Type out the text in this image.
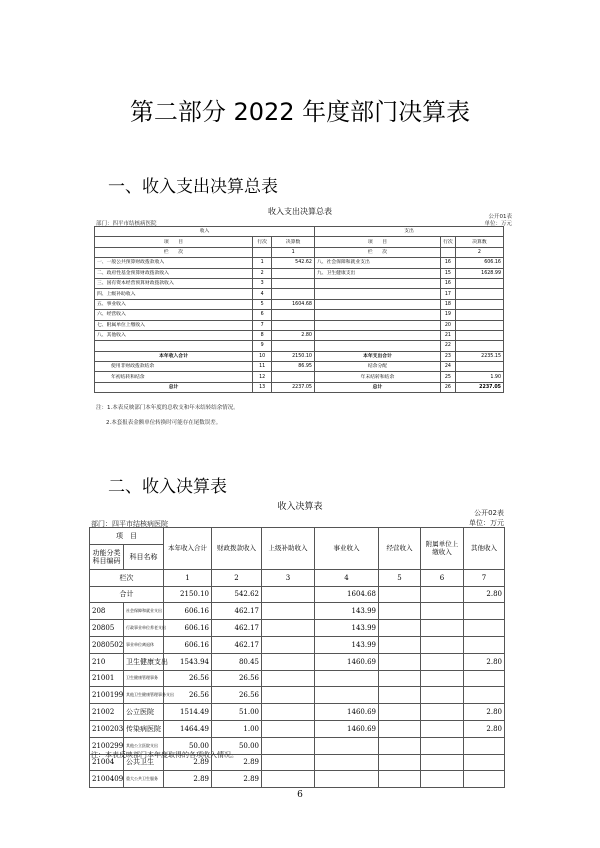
第二部分 2022 年度部门决算表
一、收入支出决算总表
收入支出决算总表
公开01表
单位：万元
部门：四平市结核病医院
收入			支出		
项　　目	行次	决算数	项　　目	行次	决算数
栏　　次		1	栏　　次		2
一、一般公共预算财政拨款收入	1	542.62	八、社会保障和就业支出	16	606.16
二、政府性基金预算财政拨款收入	2		九、卫生健康支出	15	1628.99
三、国有资本经营预算财政拨款收入	3			16	
四、上级补助收入	4			17	
五、事业收入	5	1604.68		18	
六、经营收入	6			19	
七、附属单位上缴收入	7			20	
八、其他收入	8	2.80		21	
	9			22	
本年收入合计	10	2150.10	本年支出合计	23	2235.15
使用非财政拨款结余	11	86.95	结余分配	24	
年初结转和结余	12		年末结转和结余	25	1.90
总计	13	2237.05	总计	26	2237.05
注：1.本表反映部门本年度的总收支和年末结转结余情况。
2.本套报表金额单位转换时可能存在尾数误差。
二、收入决算表
收入决算表
公开02表
单位：万元
部门：四平市结核病医院
项　目		本年收入合计	财政拨款收入	上级补助收入	事业收入	经营收入	附属单位上缴收入	其他收入
功能分类科目编码	科目名称							
栏次		1	2	3	4	5	6	7
合计		2150.10	542.62		1604.68			2.80
208	社会保障和就业支出	606.16	462.17		143.99			
20805	行政事业单位养老支出	606.16	462.17		143.99			
2080502	事业单位离退休	606.16	462.17		143.99			
210	卫生健康支出	1543.94	80.45		1460.69			2.80
21001	卫生健康管理事务	26.56	26.56					
2100199	其他卫生健康管理事务支出	26.56	26.56					
21002	公立医院	1514.49	51.00		1460.69			2.80
2100203	传染病医院	1464.49	1.00		1460.69			2.80
2100299	其他公立医院支出	50.00	50.00					
21004	公共卫生	2.89	2.89					
2100409	重大公共卫生服务	2.89	2.89					
注：本表反映部门本年度取得的各项收入情况。
6
